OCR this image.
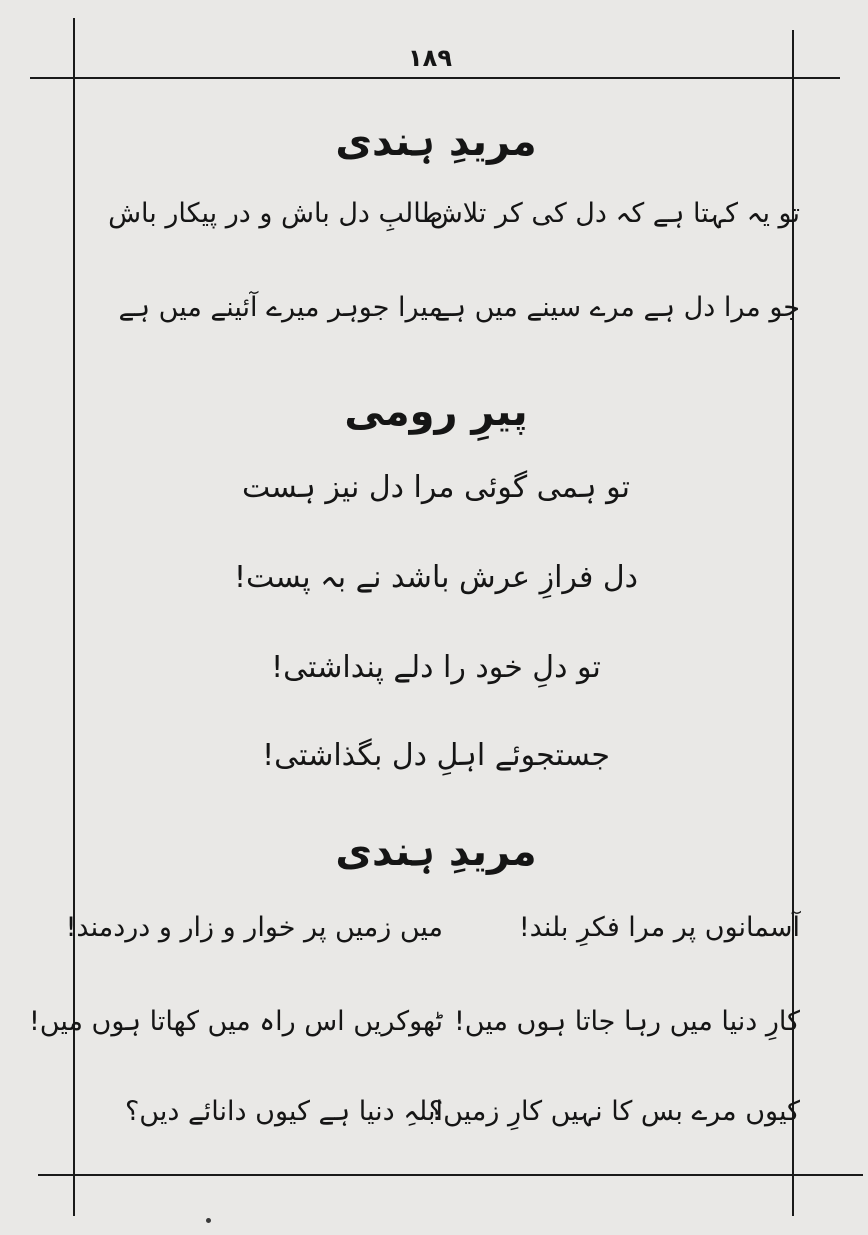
۱۸۹
مریدِ ہندی
تو یہ کہتا ہے کہ دل کی کر تلاش
طالبِ دل باش و در پیکار باش
جو مرا دل ہے مرے سینے میں ہے
میرا جوہر میرے آئینے میں ہے
پیرِ رومی
تو ہمی گوئی مرا دل نیز ہست
دل فرازِ عرش باشد نے بہ پست!
تو دلِ خود را دلے پنداشتی!
جستجوئے اہلِ دل بگذاشتی!
مریدِ ہندی
آسمانوں پر مرا فکرِ بلند!
میں زمیں پر خوار و زار و دردمند!
کارِ دنیا میں رہا جاتا ہوں میں!
ٹھوکریں اس راہ میں کھاتا ہوں میں!
کیوں مرے بس کا نہیں کارِ زمیں؟
ابلہِ دنیا ہے کیوں دانائے دیں؟
